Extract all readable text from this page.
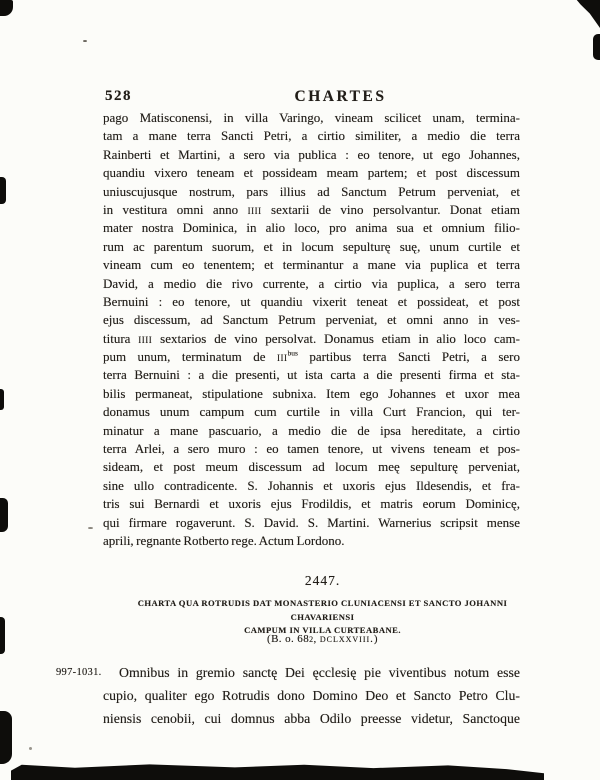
528	CHARTES
pago Matisconensi, in villa Varingo, vineam scilicet unam, termina-
tam a mane terra Sancti Petri, a cirtio similiter, a medio die terra
Rainberti et Martini, a sero via publica : eo tenore, ut ego Johannes,
quandiu vixero teneam et possideam meam partem; et post discessum
uniuscujusque nostrum, pars illius ad Sanctum Petrum perveniat, et
in vestitura omni anno iiii sextarii de vino persolvantur. Donat etiam
mater nostra Dominica, in alio loco, pro anima sua et omnium filio-
rum ac parentum suorum, et in locum sepulturę suę, unum curtile et
vineam cum eo tenentem; et terminantur a mane via puplica et terra
David, a medio die rivo currente, a cirtio via puplica, a sero terra
Bernuini : eo tenore, ut quandiu vixerit teneat et possideat, et post
ejus discessum, ad Sanctum Petrum perveniat, et omni anno in ves-
titura iiii sextarios de vino persolvat. Donamus etiam in alio loco cam-
pum unum, terminatum de iii$^{bus}$ partibus terra Sancti Petri, a sero
terra Bernuini : a die presenti, ut ista carta a die presenti firma et sta-
bilis permaneat, stipulatione subnixa. Item ego Johannes et uxor mea
donamus unum campum cum curtile in villa Curt Francion, qui ter-
minatur a mane pascuario, a medio die de ipsa hereditate, a cirtio
terra Arlei, a sero muro : eo tamen tenore, ut vivens teneam et pos-
sideam, et post meum discessum ad locum meę sepulturę perveniat,
sine ullo contradicente. S. Johannis et uxoris ejus Ildesendis, et fra-
tris sui Bernardi et uxoris ejus Frodildis, et matris eorum Dominicę,
qui firmare rogaverunt. S. David. S. Martini. Warnerius scripsit mense
aprili, regnante Rotberto rege. Actum Lordono.
2447.
CHARTA QUA ROTRUDIS DAT MONASTERIO CLUNIACENSI ET SANCTO JOHANNI CHAVARIENSI
CAMPUM IN VILLA CURTEABANE.
(B. o. 682, dclxxviii.)
997-1031.	Omnibus in gremio sanctę Dei ęcclesię pie viventibus notum esse
cupio, qualiter ego Rotrudis dono Domino Deo et Sancto Petro Clu-
niensis cenobii, cui domnus abba Odilo preesse videtur, Sanctoque
